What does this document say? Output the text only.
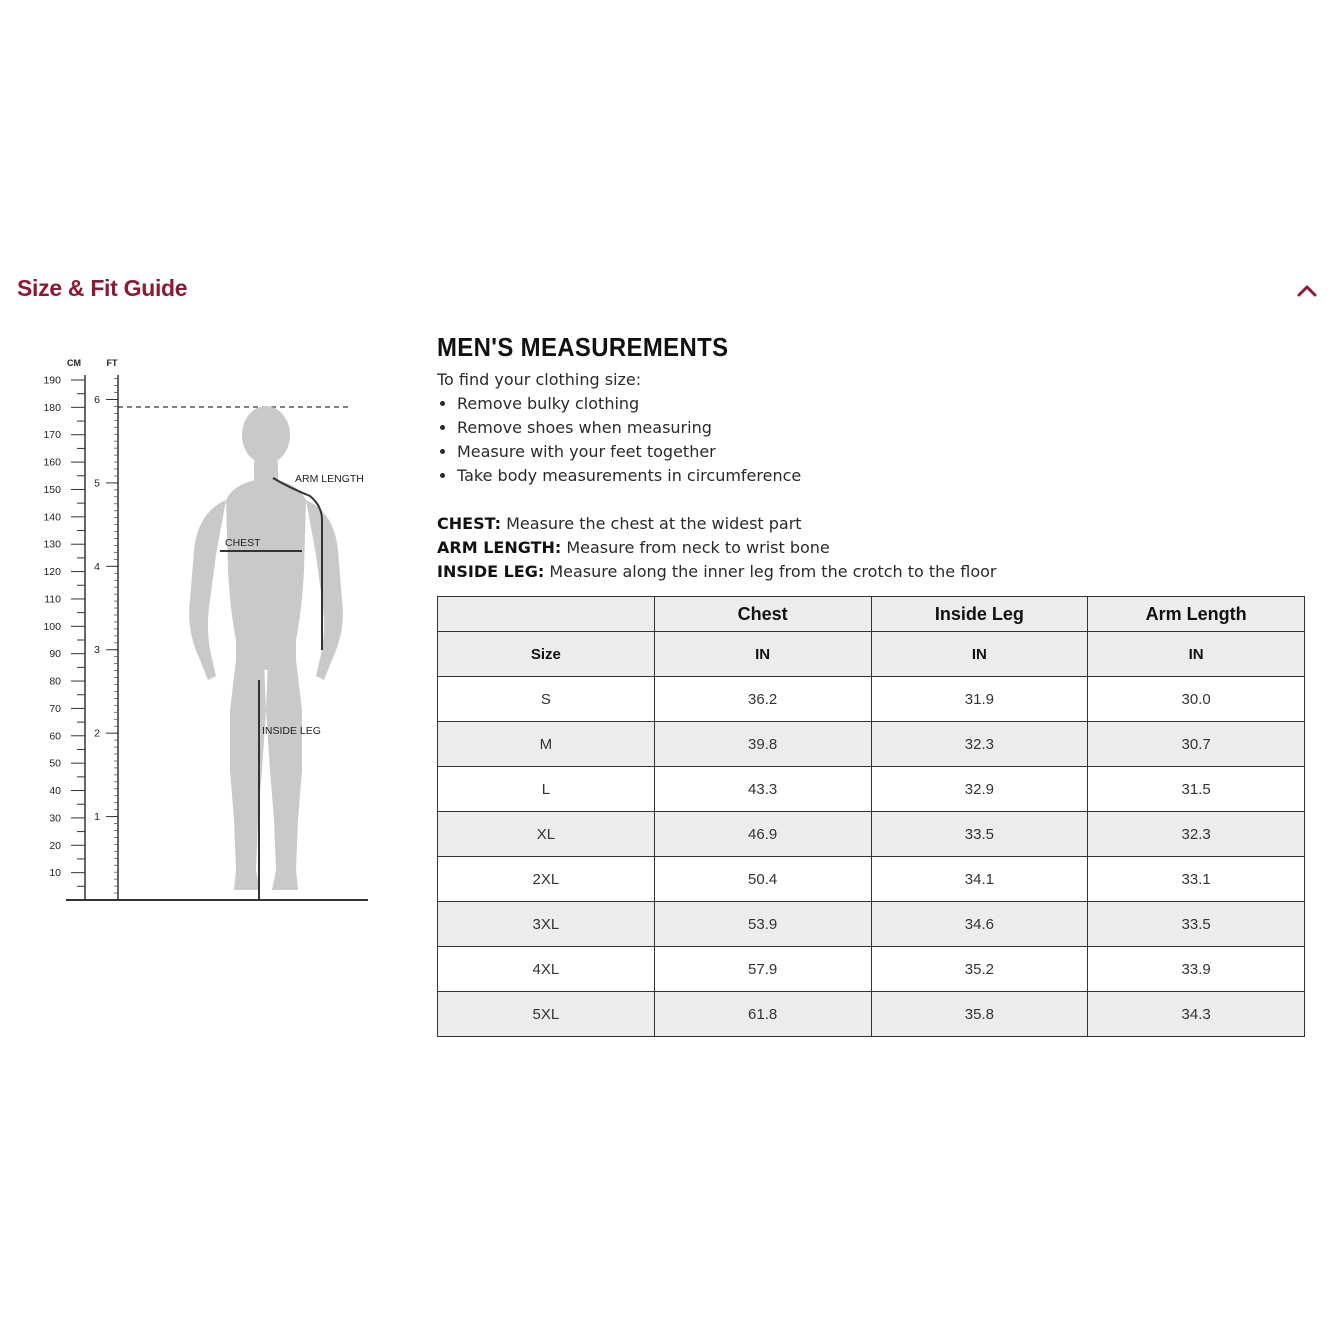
Size & Fit Guide
CM	FT
190
180
170
160
150
140
130
120
110
100
90
80
70
60
50
40
30
20
10
6
5
4
3
2
1
ARM LENGTH
CHEST
INSIDE LEG
MEN'S MEASUREMENTS

To find your clothing size:

• Remove bulky clothing
• Remove shoes when measuring
• Measure with your feet together
• Take body measurements in circumference
CHEST: Measure the chest at the widest part
ARM LENGTH: Measure from neck to wrist bone
INSIDE LEG: Measure along the inner leg from the crotch to the floor
	Chest	Inside Leg	Arm Length
Size	IN	IN	IN
S	36.2	31.9	30.0
M	39.8	32.3	30.7
L	43.3	32.9	31.5
XL	46.9	33.5	32.3
2XL	50.4	34.1	33.1
3XL	53.9	34.6	33.5
4XL	57.9	35.2	33.9
5XL	61.8	35.8	34.3
